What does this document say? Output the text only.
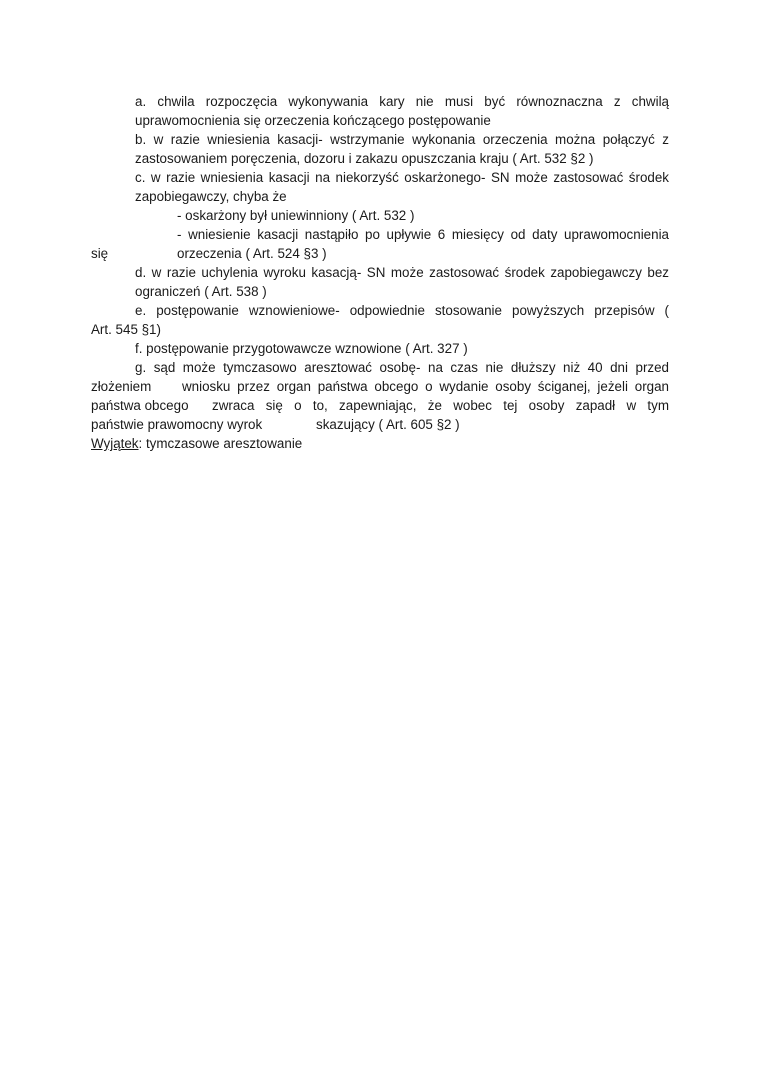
a. chwila rozpoczęcia wykonywania kary nie musi być równoznaczna z chwilą
uprawomocnienia się orzeczenia kończącego postępowanie
b. w razie wniesienia kasacji- wstrzymanie wykonania orzeczenia można połączyć z
zastosowaniem poręczenia, dozoru i zakazu opuszczania kraju ( Art. 532 §2 )
c. w razie wniesienia kasacji na niekorzyść oskarżonego- SN może zastosować środek
zapobiegawczy, chyba że
- oskarżony był uniewinniony ( Art. 532 )
- wniesienie kasacji nastąpiło po upływie 6 miesięcy od daty uprawomocnienia
się	orzeczenia ( Art. 524 §3 )
d. w razie uchylenia wyroku kasacją- SN może zastosować środek zapobiegawczy bez
ograniczeń ( Art. 538 )
e. postępowanie wznowieniowe- odpowiednie stosowanie powyższych przepisów (
Art. 545 §1)
f. postępowanie przygotowawcze wznowione ( Art. 327 )
g. sąd może tymczasowo aresztować osobę- na czas nie dłuższy niż 40 dni przed
złożeniem wniosku przez organ państwa obcego o wydanie osoby ściganej, jeżeli organ
państwa obcego zwraca się o to, zapewniając, że wobec tej osoby zapadł w tym
państwie prawomocny wyrok	skazujący ( Art. 605 §2 )
Wyjątek: tymczasowe aresztowanie
